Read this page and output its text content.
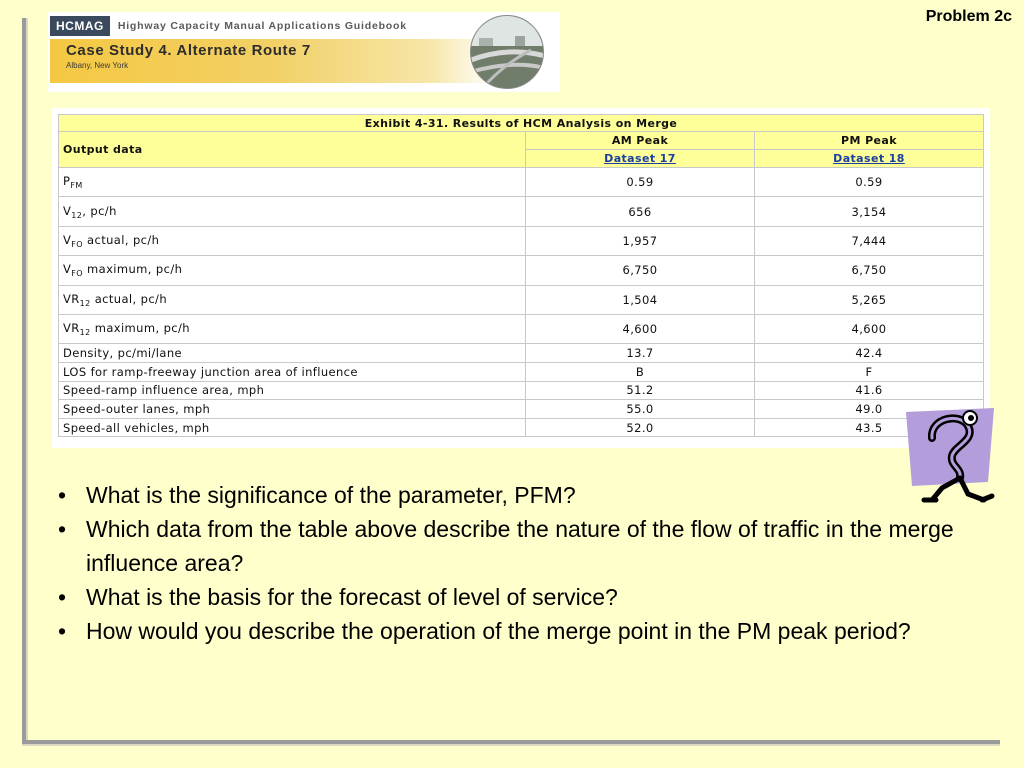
Problem 2c
HCMAG	Highway Capacity Manual Applications Guidebook
Case Study 4. Alternate Route 7
Albany, New York
Exhibit 4-31. Results of HCM Analysis on Merge		
Output data	AM Peak	PM Peak
	Dataset 17	Dataset 18
$P_{FM}$	0.59	0.59
$V_{12}$, pc/h	656	3,154
$V_{FO}$ actual, pc/h	1,957	7,444
$V_{FO}$ maximum, pc/h	6,750	6,750
$VR_{12}$ actual, pc/h	1,504	5,265
$VR_{12}$ maximum, pc/h	4,600	4,600
Density, pc/mi/lane	13.7	42.4
LOS for ramp-freeway junction area of influence	B	F
Speed-ramp influence area, mph	51.2	41.6
Speed-outer lanes, mph	55.0	49.0
Speed-all vehicles, mph	52.0	43.5
• What is the significance of the parameter, PFM?
• Which data from the table above describe the nature of the flow of traffic in the merge influence area?
• What is the basis for the forecast of level of service?
• How would you describe the operation of the merge point in the PM peak period?
